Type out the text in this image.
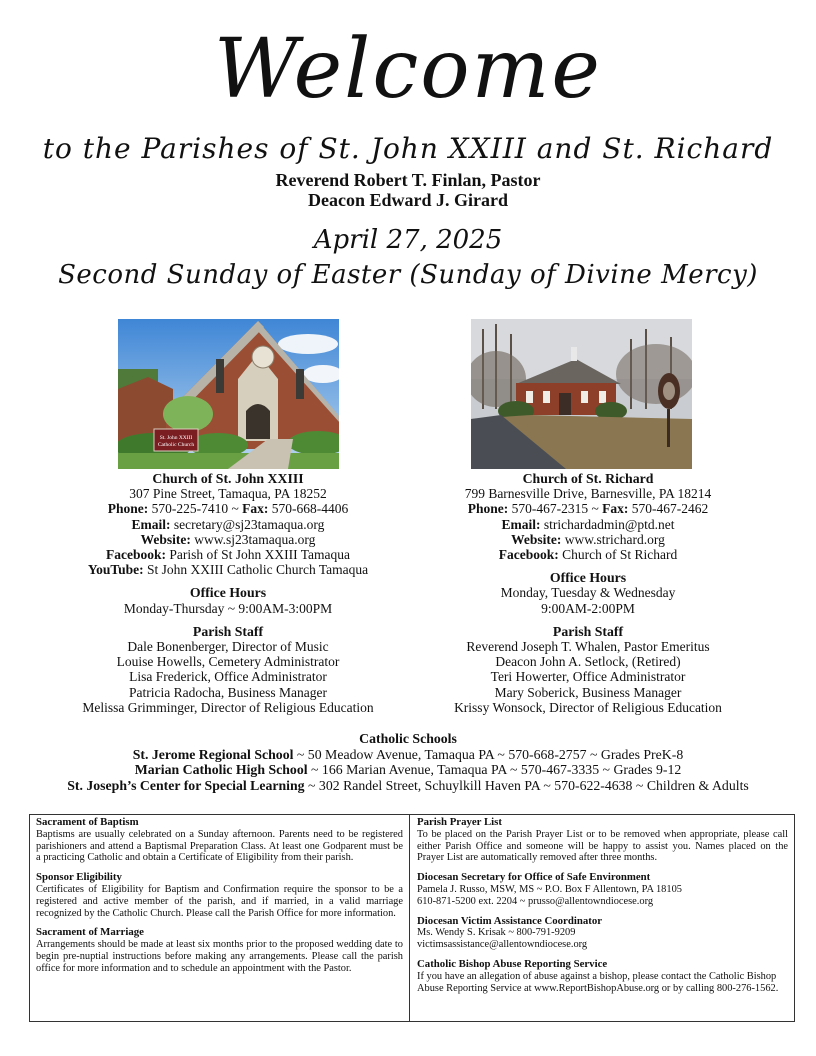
Welcome
to the Parishes of St. John XXIII and St. Richard
Reverend Robert T. Finlan, Pastor
Deacon Edward J. Girard
April 27, 2025
Second Sunday of Easter (Sunday of Divine Mercy)
St. John XXIII
Catholic Church
Church of St. John XXIII
307 Pine Street, Tamaqua, PA 18252
Phone: 570-225-7410 ~ Fax: 570-668-4406
Email: secretary@sj23tamaqua.org
Website: www.sj23tamaqua.org
Facebook: Parish of St John XXIII Tamaqua
YouTube: St John XXIII Catholic Church Tamaqua
Office Hours
Monday-Thursday ~ 9:00AM-3:00PM
Parish Staff
Dale Bonenberger, Director of Music
Louise Howells, Cemetery Administrator
Lisa Frederick, Office Administrator
Patricia Radocha, Business Manager
Melissa Grimminger, Director of Religious Education
Church of St. Richard
799 Barnesville Drive, Barnesville, PA 18214
Phone: 570-467-2315 ~ Fax: 570-467-2462
Email: strichardadmin@ptd.net
Website: www.strichard.org
Facebook: Church of St Richard
Office Hours
Monday, Tuesday & Wednesday
9:00AM-2:00PM
Parish Staff
Reverend Joseph T. Whalen, Pastor Emeritus
Deacon John A. Setlock, (Retired)
Teri Howerter, Office Administrator
Mary Soberick, Business Manager
Krissy Wonsock, Director of Religious Education
Catholic Schools
St. Jerome Regional School ~ 50 Meadow Avenue, Tamaqua PA ~ 570-668-2757 ~ Grades PreK-8
Marian Catholic High School ~ 166 Marian Avenue, Tamaqua PA ~ 570-467-3335 ~ Grades 9-12
St. Joseph’s Center for Special Learning ~ 302 Randel Street, Schuylkill Haven PA ~ 570-622-4638 ~ Children & Adults
Sacrament of Baptism
Baptisms are usually celebrated on a Sunday afternoon. Parents need to be registered parishioners and attend a Baptismal Preparation Class. At least one Godparent must be a practicing Catholic and obtain a Certificate of Eligibility from their parish.
Sponsor Eligibility
Certificates of Eligibility for Baptism and Confirmation require the sponsor to be a registered and active member of the parish, and if married, in a valid marriage recognized by the Catholic Church. Please call the Parish Office for more information.
Sacrament of Marriage
Arrangements should be made at least six months prior to the proposed wedding date to begin pre-nuptial instructions before making any arrangements. Please call the parish office for more information and to schedule an appointment with the Pastor.
Parish Prayer List
To be placed on the Parish Prayer List or to be removed when appropriate, please call either Parish Office and someone will be happy to assist you. Names placed on the Prayer List are automatically removed after three months.
Diocesan Secretary for Office of Safe Environment
Pamela J. Russo, MSW, MS ~ P.O. Box F Allentown, PA 18105
610-871-5200 ext. 2204 ~ prusso@allentowndiocese.org
Diocesan Victim Assistance Coordinator
Ms. Wendy S. Krisak ~ 800-791-9209
victimsassistance@allentowndiocese.org
Catholic Bishop Abuse Reporting Service
If you have an allegation of abuse against a bishop, please contact the Catholic Bishop Abuse Reporting Service at www.ReportBishopAbuse.org or by calling 800-276-1562.
